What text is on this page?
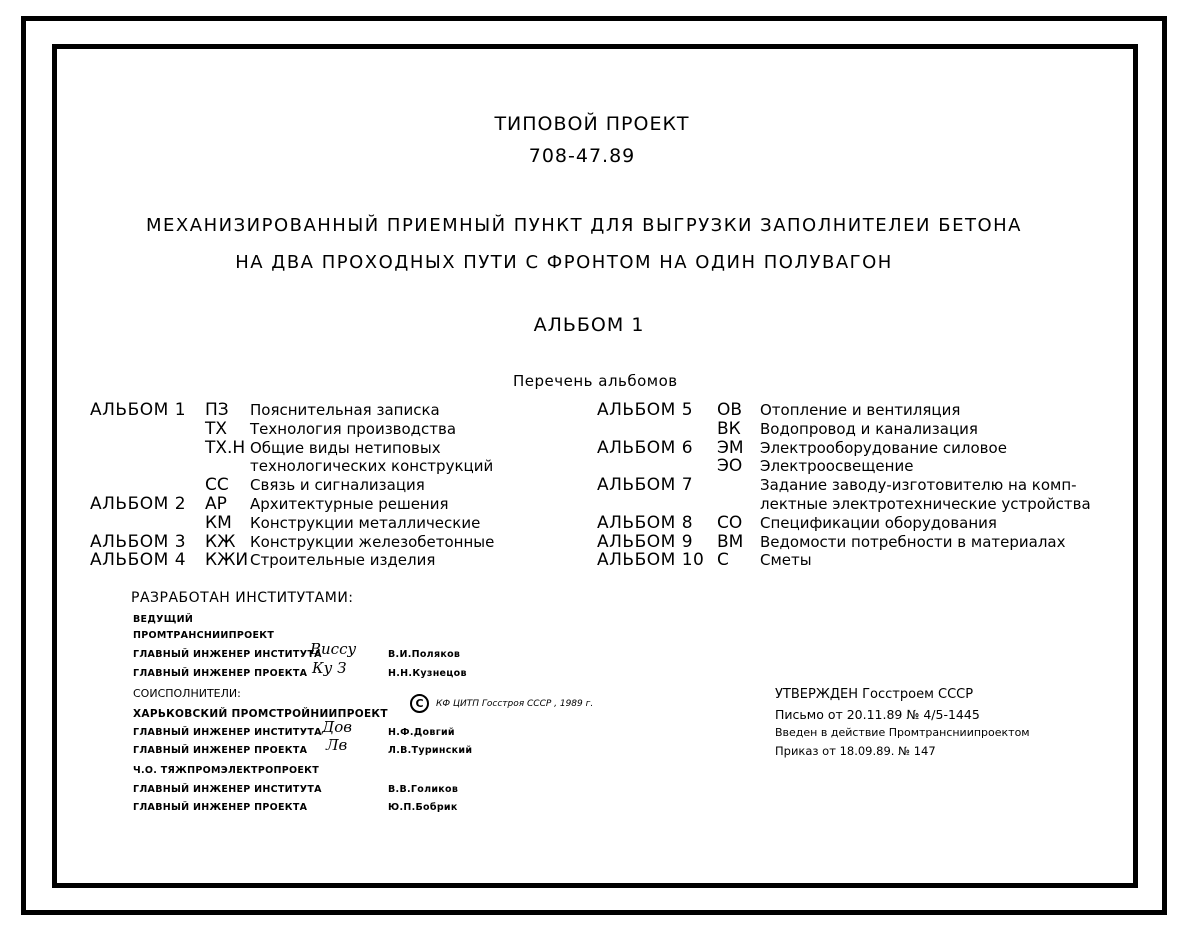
ТИПОВОЙ ПРОЕКТ
708-47.89
МЕХАНИЗИРОВАННЫЙ ПРИЕМНЫЙ ПУНКТ ДЛЯ ВЫГРУЗКИ ЗАПОЛНИТЕЛЕИ БЕТОНА
НА ДВА ПРОХОДНЫХ ПУТИ С ФРОНТОМ НА ОДИН ПОЛУВАГОН
АЛЬБОМ 1
Перечень альбомов
АЛЬБОМ 1 ПЗ Пояснительная записка
ТХ Технология производства
ТХ.Н Общие виды нетиповых
технологических конструкций
СС Связь и сигнализация
АЛЬБОМ 2 АР Архитектурные решения
КМ Конструкции металлические
АЛЬБОМ 3 КЖ Конструкции железобетонные
АЛЬБОМ 4 КЖИ Строительные изделия
АЛЬБОМ 5 ОВ Отопление и вентиляция
ВК Водопровод и канализация
АЛЬБОМ 6 ЭМ Электрооборудование силовое
ЭО Электроосвещение
АЛЬБОМ 7	Задание заводу-изготовителю на комп-
лектные электротехнические устройства
АЛЬБОМ 8 СО Спецификации оборудования
АЛЬБОМ 9 ВМ Ведомости потребности в материалах
АЛЬБОМ 10 С Сметы
РАЗРАБОТАН ИНСТИТУТАМИ:
ВЕДУЩИЙ
ПРОМТРАНСНИИПРОЕКТ
ГЛАВНЫЙ ИНЖЕНЕР ИНСТИТУТА
Виссу	В.И.Поляков
ГЛАВНЫЙ ИНЖЕНЕР ПРОЕКТА Ку З	Н.Н.Кузнецов
СОИСПОЛНИТЕЛИ:
ХАРЬКОВСКИЙ ПРОМСТРОЙНИИПРОЕКТ
ГЛАВНЫЙ ИНЖЕНЕР ИНСТИТУТА Дов	Н.Ф.Довгий
ГЛАВНЫЙ ИНЖЕНЕР ПРОЕКТА Лв	Л.В.Туринский
Ч.О. ТЯЖПРОМЭЛЕКТРОПРОЕКТ
ГЛАВНЫЙ ИНЖЕНЕР ИНСТИТУТА	В.В.Голиков
ГЛАВНЫЙ ИНЖЕНЕР ПРОЕКТА	Ю.П.Бобрик
С	КФ ЦИТП Госстроя СССР , 1989 г.
УТВЕРЖДЕН Госстроем СССР
Письмо от 20.11.89 № 4/5-1445
Введен в действие Промтрансниипроектом
Приказ от 18.09.89. № 147
